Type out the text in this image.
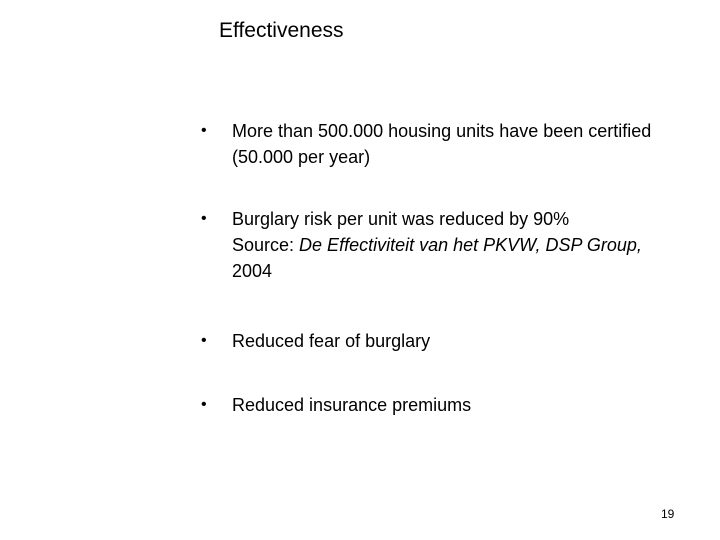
Effectiveness
•	More than 500.000 housing units have been certified
(50.000 per year)
•	Burglary risk per unit was reduced by 90%
Source: De Effectiviteit van het PKVW, DSP Group,
2004
•	Reduced fear of burglary
•	Reduced insurance premiums
19
